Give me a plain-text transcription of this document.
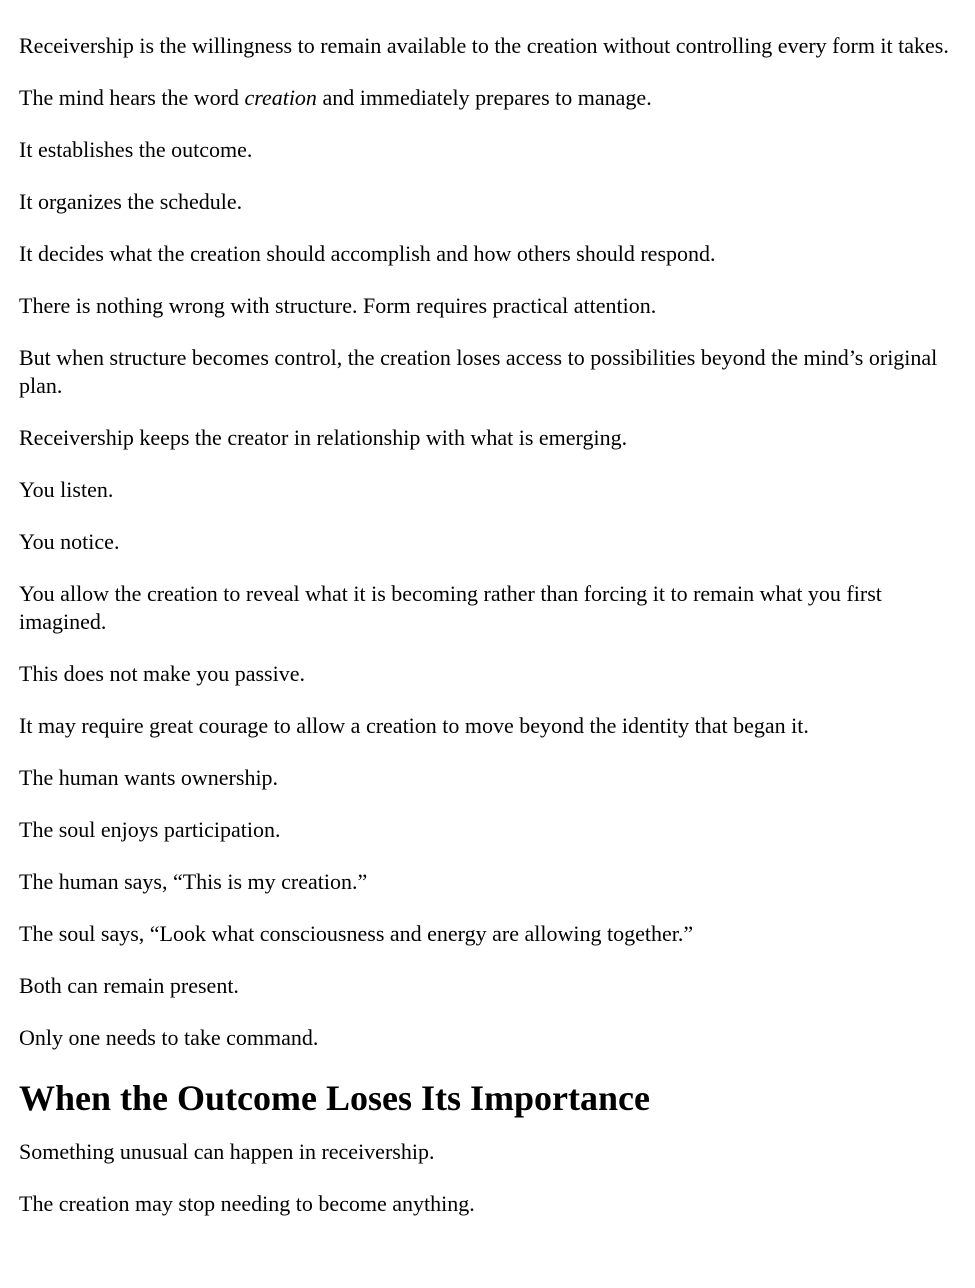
Receivership is the willingness to remain available to the creation without controlling every form it takes.

The mind hears the word creation and immediately prepares to manage.

It establishes the outcome.

It organizes the schedule.

It decides what the creation should accomplish and how others should respond.

There is nothing wrong with structure. Form requires practical attention.

But when structure becomes control, the creation loses access to possibilities beyond the mind’s original plan.

Receivership keeps the creator in relationship with what is emerging.

You listen.

You notice.

You allow the creation to reveal what it is becoming rather than forcing it to remain what you first imagined.

This does not make you passive.

It may require great courage to allow a creation to move beyond the identity that began it.

The human wants ownership.

The soul enjoys participation.

The human says, “This is my creation.”

The soul says, “Look what consciousness and energy are allowing together.”

Both can remain present.

Only one needs to take command.

When the Outcome Loses Its Importance

Something unusual can happen in receivership.

The creation may stop needing to become anything.
